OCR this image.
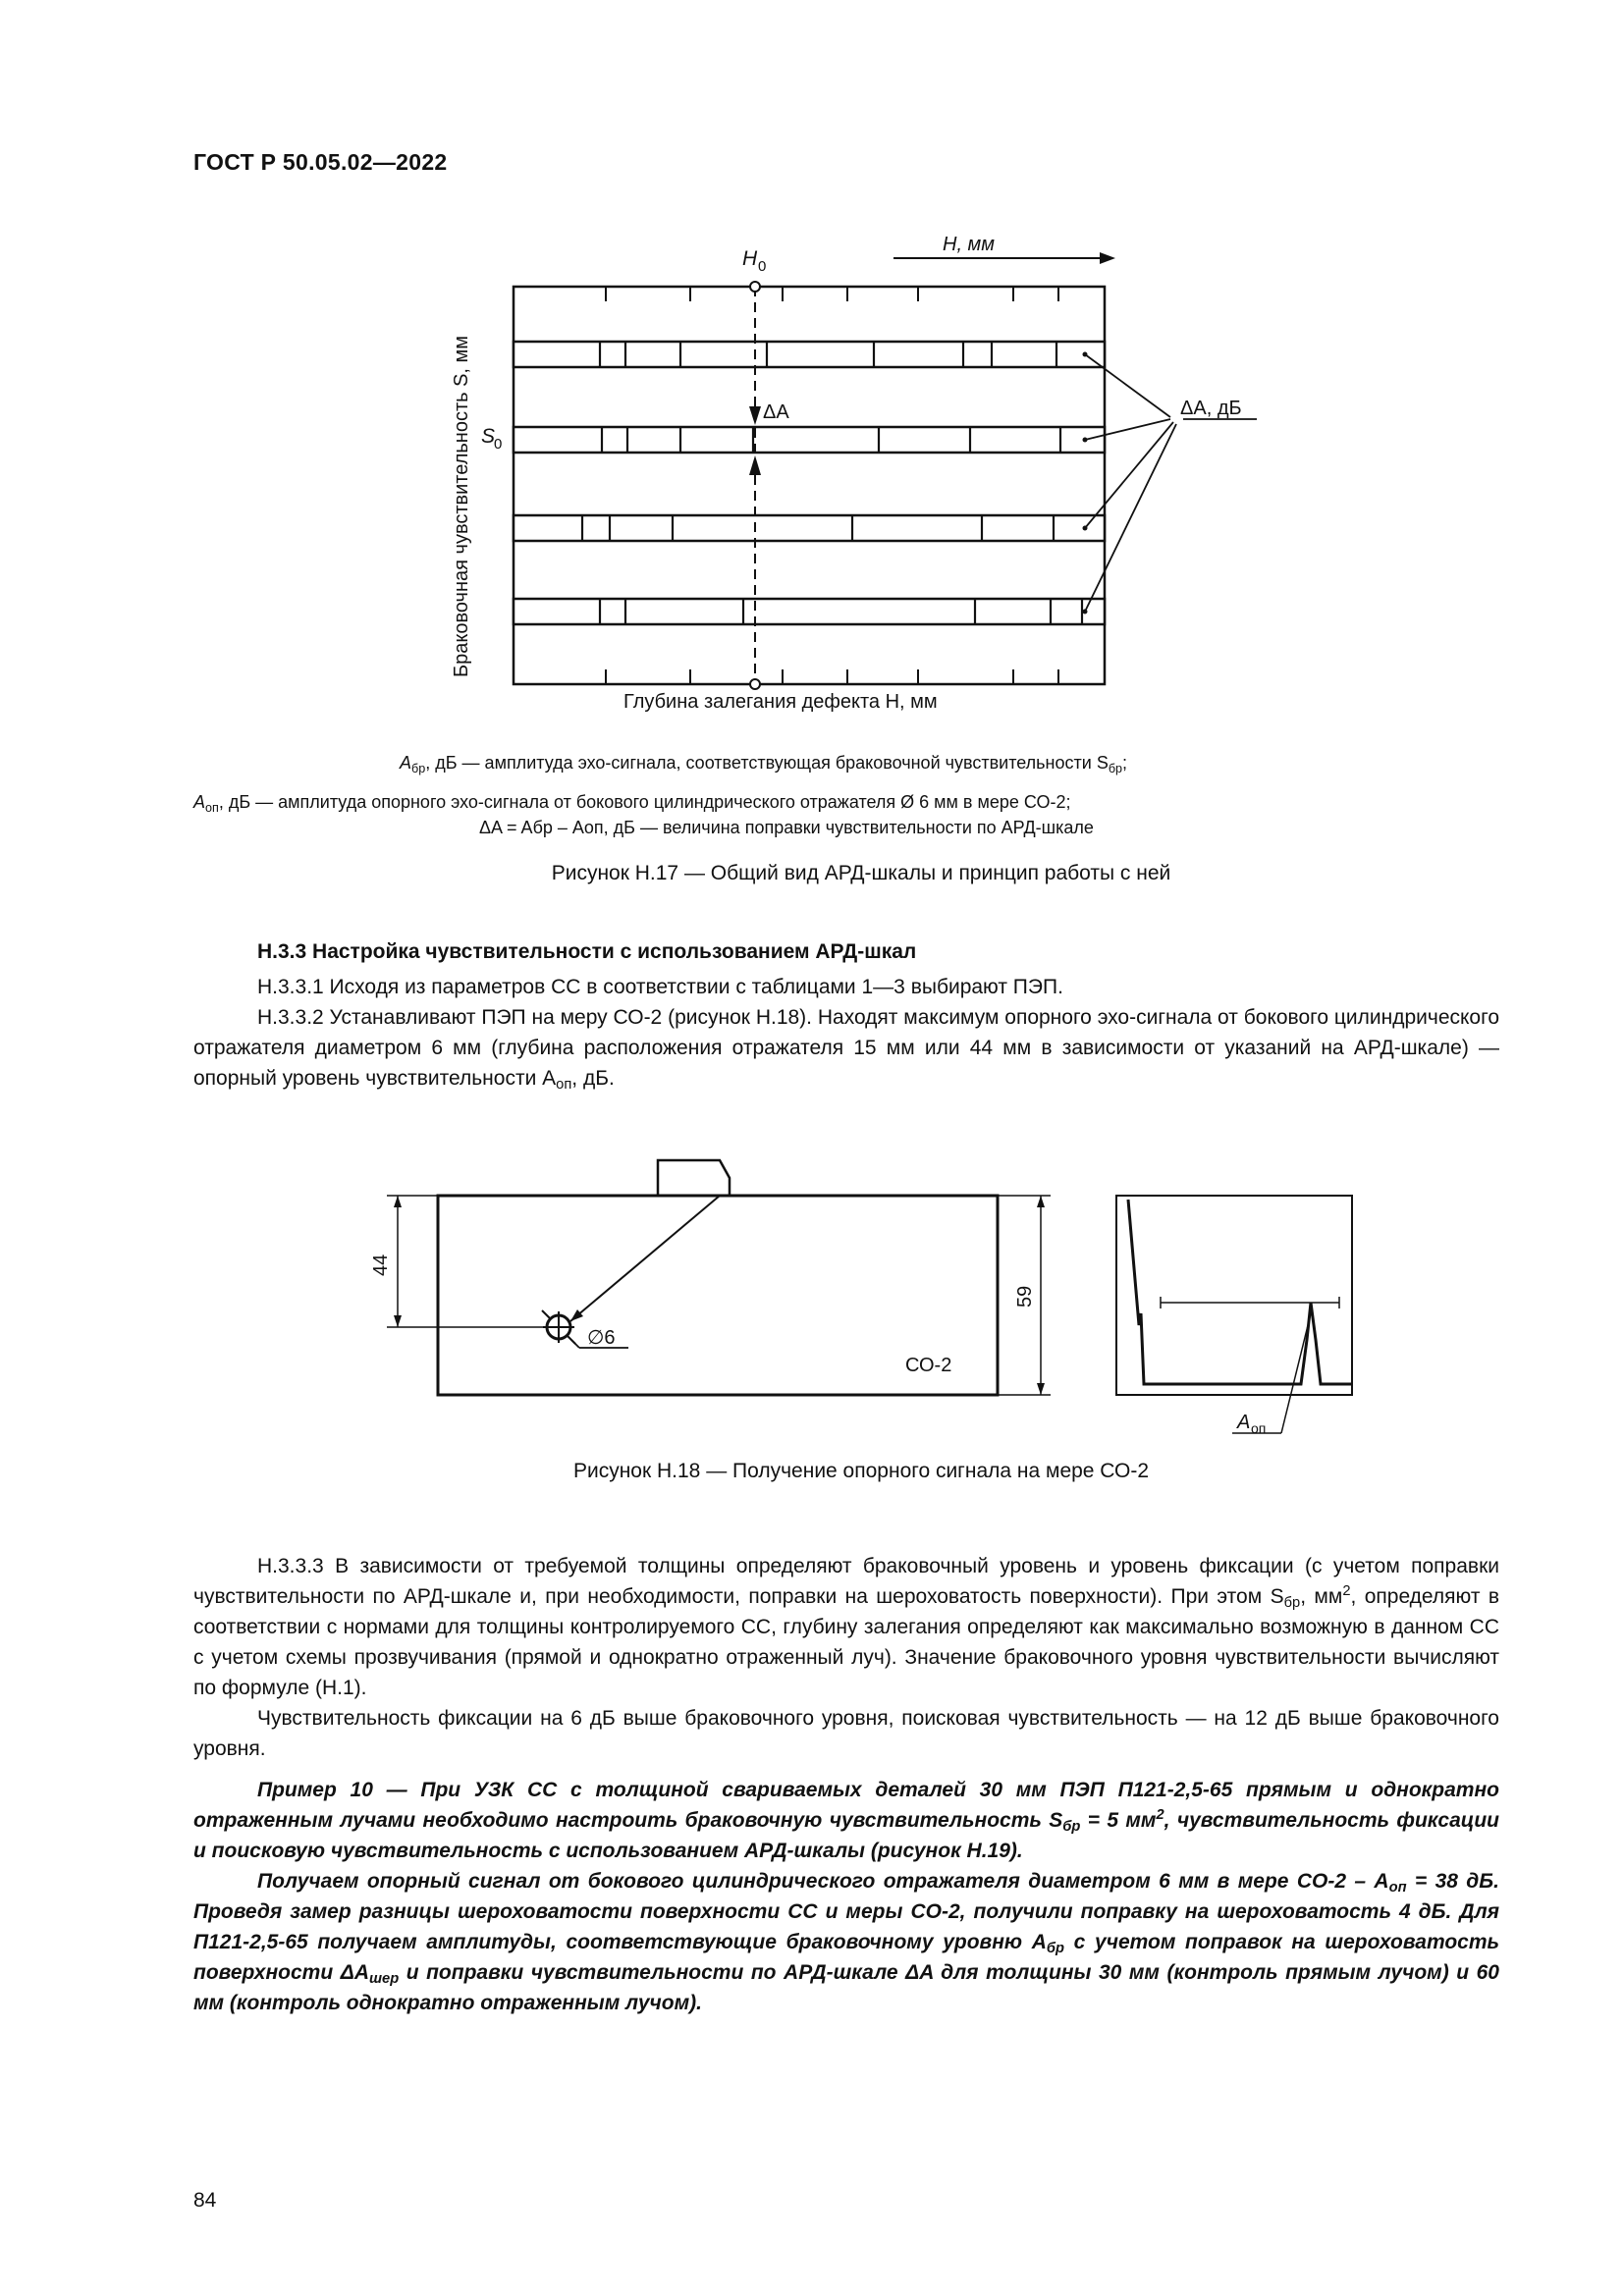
ГОСТ Р 50.05.02—2022
H, мм
H 0
S
0
ΔA	ΔA, дБ
Браковочная чувствительность S, мм
Глубина залегания дефекта H, мм
$A_{бр}$, дБ — амплитуда эхо-сигнала, соответствующая браковочной чувствительности $S_{бр}$;
$A_{оп}$, дБ — амплитуда опорного эхо-сигнала от бокового цилиндрического отражателя Ø 6 мм в мере СО-2;
ΔA = Aбр – Aоп, дБ — величина поправки чувствительности по АРД-шкале
Рисунок Н.17 — Общий вид АРД-шкалы и принцип работы с ней
Н.3.3 Настройка чувствительности с использованием АРД-шкал

Н.3.3.1 Исходя из параметров СС в соответствии с таблицами 1—3 выбирают ПЭП.

Н.3.3.2 Устанавливают ПЭП на меру СО-2 (рисунок Н.18). Находят максимум опорного эхо-сигнала от бокового цилиндрического отражателя диаметром 6 мм (глубина расположения отражателя 15 мм или 44 мм в зависимости от указаний на АРД-шкале) — опорный уровень чувствительности $A_{оп}$, дБ.

∅6
СО-2
44
59
A оп
Рисунок Н.18 — Получение опорного сигнала на мере СО-2

Н.3.3.3 В зависимости от требуемой толщины определяют браковочный уровень и уровень фиксации (с учетом поправки чувствительности по АРД-шкале и, при необходимости, поправки на шероховатость поверхности). При этом $S_{бр}$, $мм^2$, определяют в соответствии с нормами для толщины контролируемого СС, глубину залегания определяют как максимально возможную в данном СС с учетом схемы прозвучивания (прямой и однократно отраженный луч). Значение браковочного уровня чувствительности вычисляют по формуле (Н.1).

Чувствительность фиксации на 6 дБ выше браковочного уровня, поисковая чувствительность — на 12 дБ выше браковочного уровня.

Пример 10 — При УЗК СС с толщиной свариваемых деталей 30 мм ПЭП П121-2,5-65 прямым и однократно отраженным лучами необходимо настроить браковочную чувствительность $S_{бр} = 5$ $мм^2$, чувствительность фиксации и поисковую чувствительность с использованием АРД-шкалы (рисунок Н.19).

Получаем опорный сигнал от бокового цилиндрического отражателя диаметром 6 мм в мере $СО-2 - A_{оп} = 38$ дБ. Проведя замер разницы шероховатости поверхности СС и меры СО-2, получили поправку на шероховатость 4 дБ. Для П121-2,5-65 получаем амплитуды, соответствующие браковочному уровню $A_{бр}$ с учетом поправок на шероховатость поверхности $\Delta A_{шер}$ и поправки чувствительности по АРД-шкале ΔA для толщины 30 мм (контроль прямым лучом) и 60 мм (контроль однократно отраженным лучом).

84
